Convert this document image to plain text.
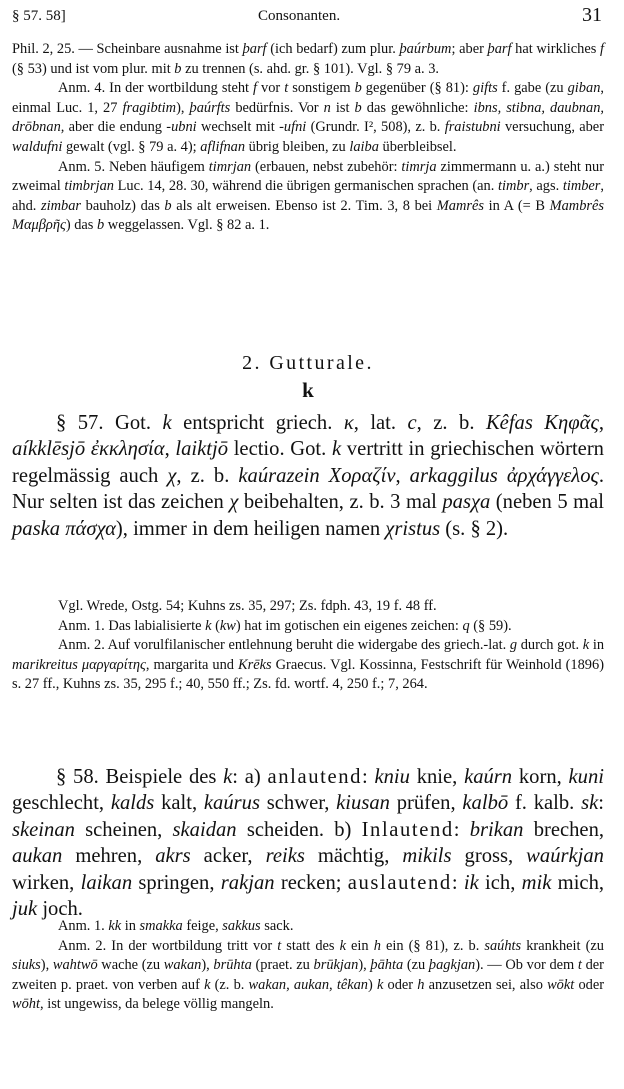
§ 57. 58]	Consonanten.	31

Phil. 2, 25. — Scheinbare ausnahme ist þarf (ich bedarf) zum plur. þaúrbum; aber þarf hat wirkliches f (§ 53) und ist vom plur. mit b zu trennen (s. ahd. gr. § 101). Vgl. § 79 a. 3.

Anm. 4. In der wortbildung steht f vor t sonstigem b gegenüber (§ 81): gifts f. gabe (zu giban, einmal Luc. 1, 27 fragibtim), þaúrfts bedürfnis. Vor n ist b das gewöhnliche: ibns, stibna, daubnan, drōbnan, aber die endung -ubni wechselt mit -ufni (Grundr. I², 508), z. b. fraistubni versuchung, aber waldufni gewalt (vgl. § 79 a. 4); aflifnan übrig bleiben, zu laiba überbleibsel.

Anm. 5. Neben häufigem timrjan (erbauen, nebst zubehör: timrja zimmermann u. a.) steht nur zweimal timbrjan Luc. 14, 28. 30, während die übrigen germanischen sprachen (an. timbr, ags. timber, ahd. zimbar bauholz) das b als alt erweisen. Ebenso ist 2. Tim. 3, 8 bei Mamrês in A (= B Mambrês Μαμβρῆς) das b weggelassen. Vgl. § 82 a. 1.

2. Gutturale.
k

§ 57. Got. k entspricht griech. κ, lat. c, z. b. Kêfas Κηφᾶς, aíkklēsjō ἐκκλησία, laiktjō lectio. Got. k vertritt in griechischen wörtern regelmässig auch χ, z. b. kaúrazein Χοραζίν, arkaggilus ἀρχάγγελος. Nur selten ist das zeichen χ beibehalten, z. b. 3 mal pasχa (neben 5 mal paska πάσχα), immer in dem heiligen namen χristus (s. § 2).

Vgl. Wrede, Ostg. 54; Kuhns zs. 35, 297; Zs. fdph. 43, 19 f. 48 ff.

Anm. 1. Das labialisierte k (kw) hat im gotischen ein eigenes zeichen: q (§ 59).

Anm. 2. Auf vorulfilanischer entlehnung beruht die widergabe des griech.-lat. g durch got. k in marikreitus μαργαρίτης, margarita und Krēks Graecus. Vgl. Kossinna, Festschrift für Weinhold (1896) s. 27 ff., Kuhns zs. 35, 295 f.; 40, 550 ff.; Zs. fd. wortf. 4, 250 f.; 7, 264.

§ 58. Beispiele des k: a) anlautend: kniu knie, kaúrn korn, kuni geschlecht, kalds kalt, kaúrus schwer, kiusan prüfen, kalbō f. kalb. sk: skeinan scheinen, skaidan scheiden. b) Inlautend: brikan brechen, aukan mehren, akrs acker, reiks mächtig, mikils gross, waúrkjan wirken, laikan springen, rakjan recken; auslautend: ik ich, mik mich, juk joch.

Anm. 1. kk in smakka feige, sakkus sack.

Anm. 2. In der wortbildung tritt vor t statt des k ein h ein (§ 81), z. b. saúhts krankheit (zu siuks), wahtwō wache (zu wakan), brūhta (praet. zu brūkjan), þāhta (zu þagkjan). — Ob vor dem t der zweiten p. praet. von verben auf k (z. b. wakan, aukan, têkan) k oder h anzusetzen sei, also wōkt oder wōht, ist ungewiss, da belege völlig mangeln.
